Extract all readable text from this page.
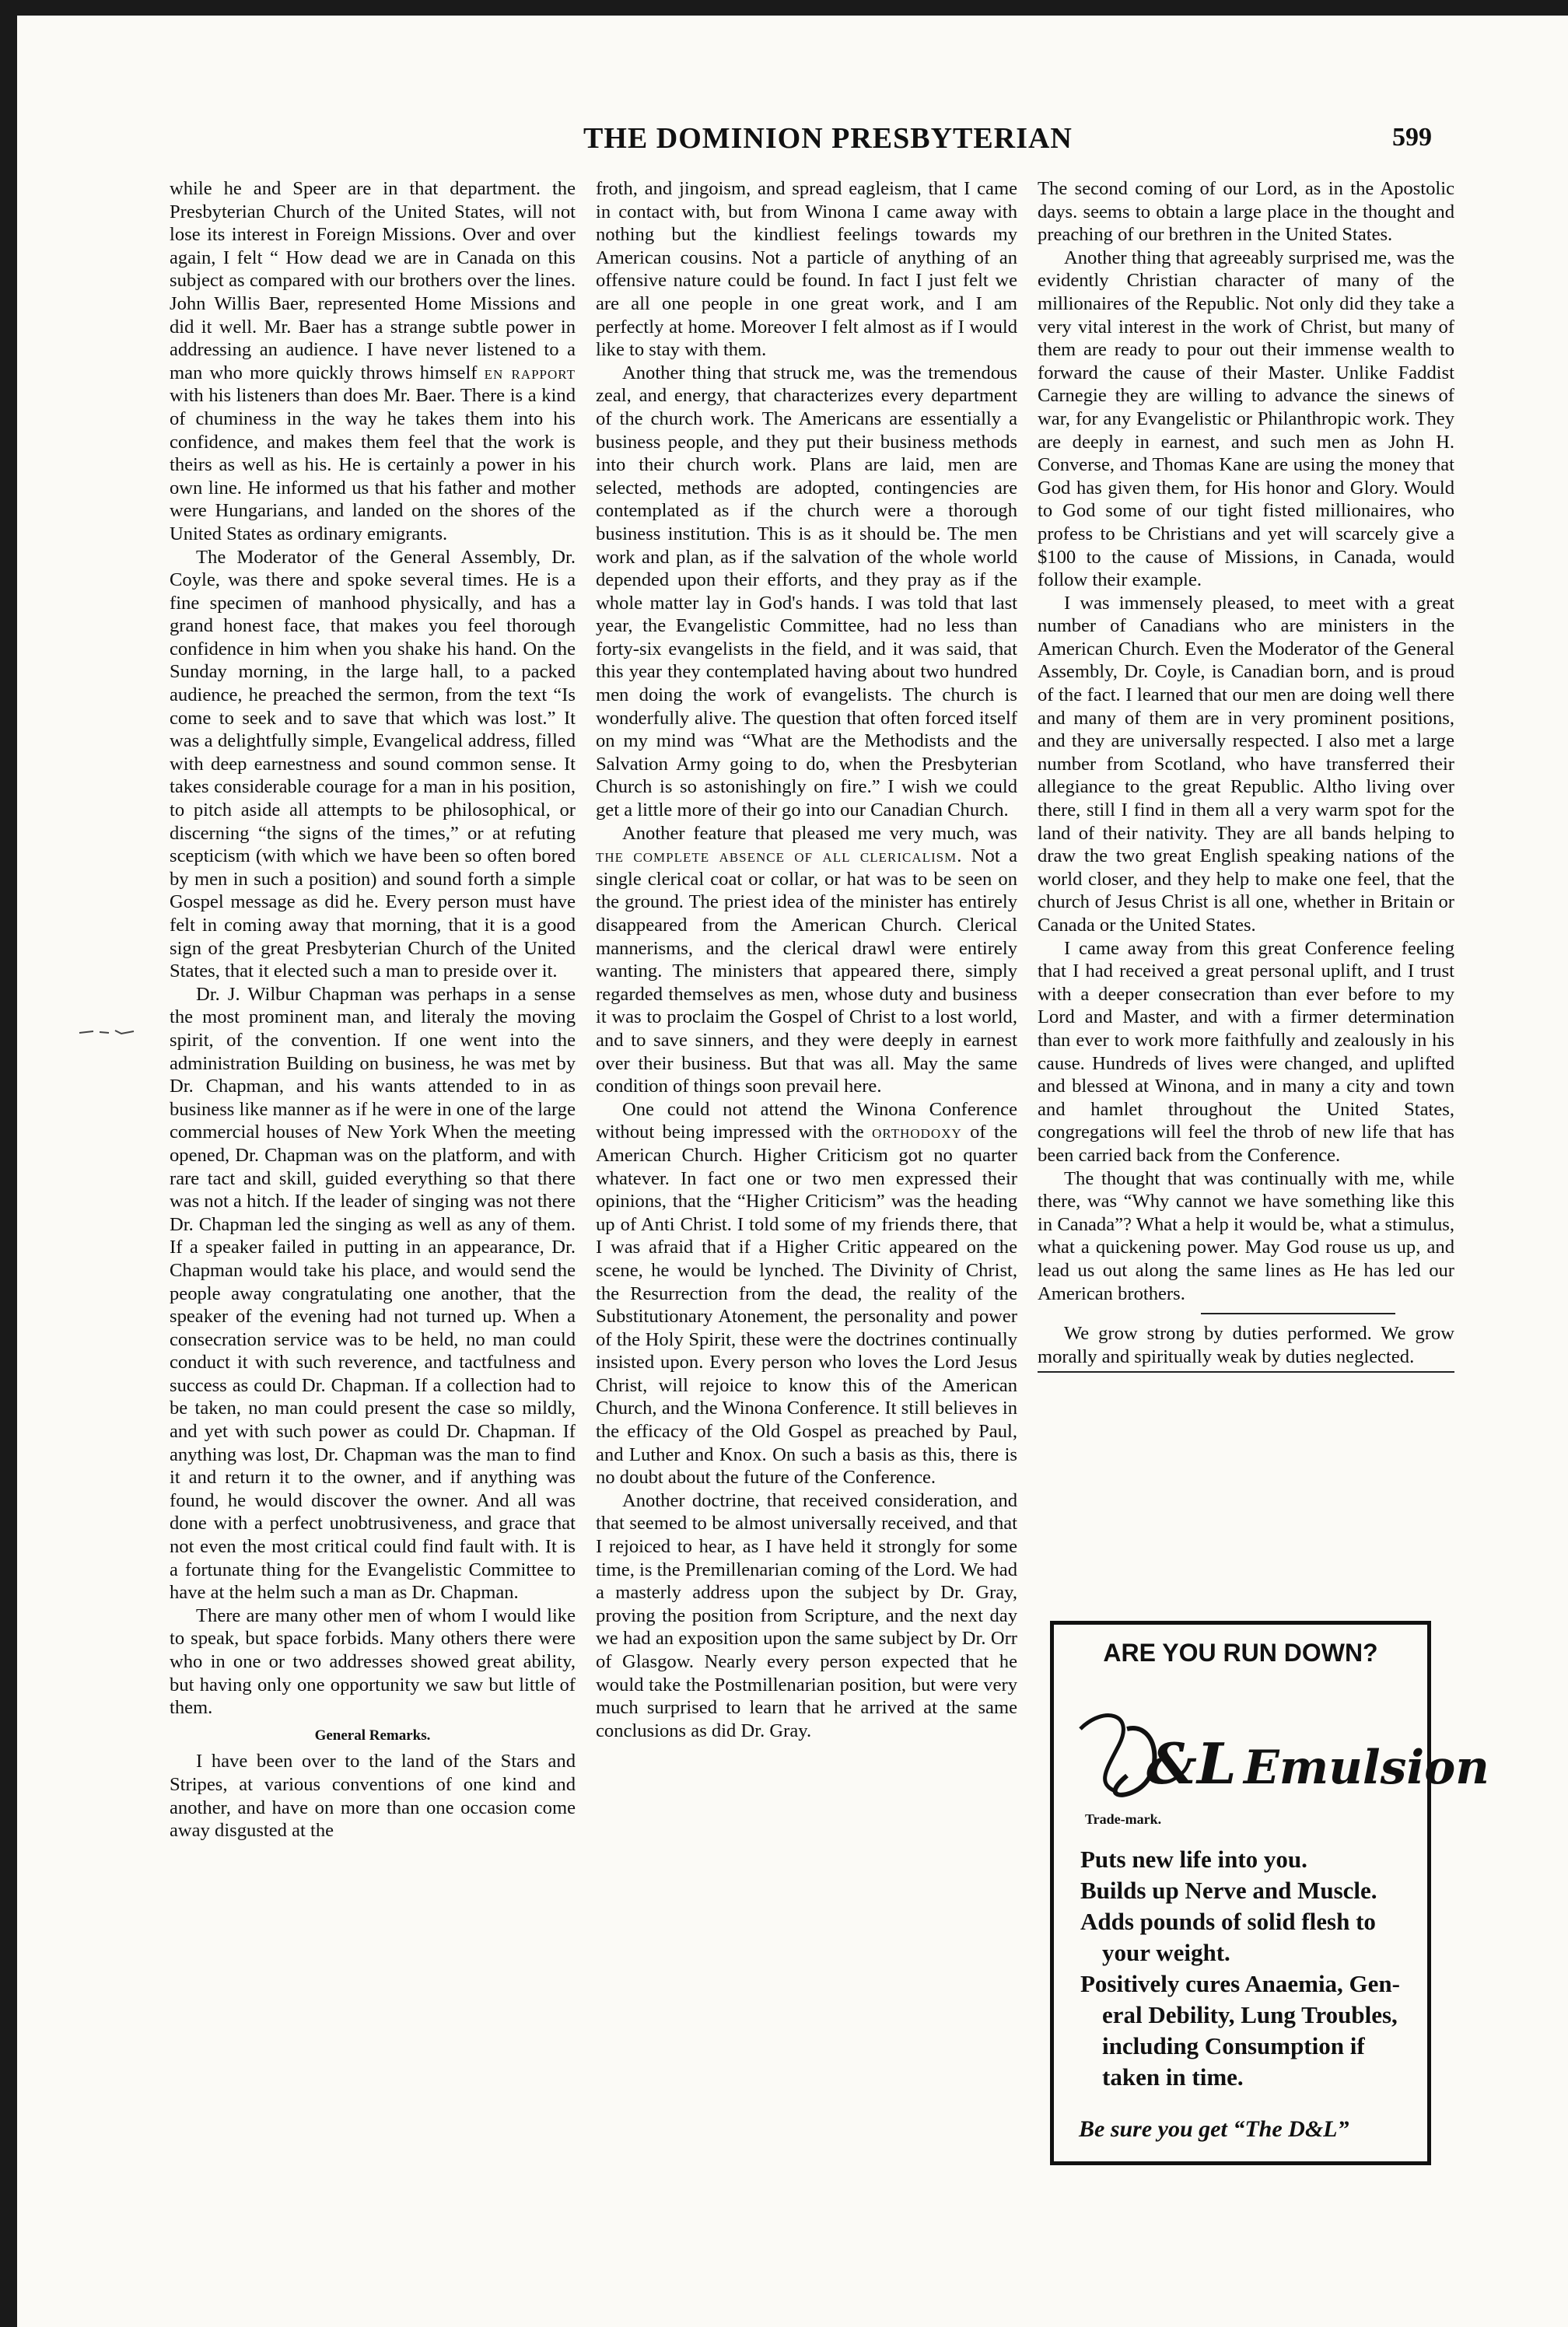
THE DOMINION PRESBYTERIAN	599

while he and Speer are in that department. the Presbyterian Church of the United States, will not lose its interest in Foreign Missions. Over and over again, I felt “ How dead we are in Canada on this subject as compared with our brothers over the lines. John Willis Baer, represented Home Missions and did it well. Mr. Baer has a strange subtle power in addressing an audience. I have never listened to a man who more quickly throws himself en rapport with his listeners than does Mr. Baer. There is a kind of chuminess in the way he takes them into his confidence, and makes them feel that the work is theirs as well as his. He is certainly a power in his own line. He informed us that his father and mother were Hungarians, and landed on the shores of the United States as ordinary emigrants.

The Moderator of the General Assembly, Dr. Coyle, was there and spoke several times. He is a fine specimen of manhood physically, and has a grand honest face, that makes you feel thorough confidence in him when you shake his hand. On the Sunday morning, in the large hall, to a packed audience, he preached the sermon, from the text “Is come to seek and to save that which was lost.” It was a delightfully simple, Evangelical address, filled with deep earnestness and sound common sense. It takes considerable courage for a man in his position, to pitch aside all attempts to be philosophical, or discerning “the signs of the times,” or at refuting scepticism (with which we have been so often bored by men in such a position) and sound forth a simple Gospel message as did he. Every person must have felt in coming away that morning, that it is a good sign of the great Presbyterian Church of the United States, that it elected such a man to preside over it.

Dr. J. Wilbur Chapman was perhaps in a sense the most prominent man, and literaly the moving spirit, of the convention. If one went into the administration Building on business, he was met by Dr. Chapman, and his wants attended to in as business like manner as if he were in one of the large commercial houses of New York When the meeting opened, Dr. Chapman was on the platform, and with rare tact and skill, guided everything so that there was not a hitch. If the leader of singing was not there Dr. Chapman led the singing as well as any of them. If a speaker failed in putting in an appearance, Dr. Chapman would take his place, and would send the people away congratulating one another, that the speaker of the evening had not turned up. When a consecration service was to be held, no man could conduct it with such reverence, and tactfulness and success as could Dr. Chapman. If a collection had to be taken, no man could present the case so mildly, and yet with such power as could Dr. Chapman. If anything was lost, Dr. Chapman was the man to find it and return it to the owner, and if anything was found, he would discover the owner. And all was done with a perfect unobtrusiveness, and grace that not even the most critical could find fault with. It is a fortunate thing for the Evangelistic Committee to have at the helm such a man as Dr. Chapman.

There are many other men of whom I would like to speak, but space forbids. Many others there were who in one or two addresses showed great ability, but having only one opportunity we saw but little of them.

General Remarks.

I have been over to the land of the Stars and Stripes, at various conventions of one kind and another, and have on more than one occasion come away disgusted at the

froth, and jingoism, and spread eagleism, that I came in contact with, but from Winona I came away with nothing but the kindliest feelings towards my American cousins. Not a particle of anything of an offensive nature could be found. In fact I just felt we are all one people in one great work, and I am perfectly at home. Moreover I felt almost as if I would like to stay with them.

Another thing that struck me, was the tremendous zeal, and energy, that characterizes every department of the church work. The Americans are essentially a business people, and they put their business methods into their church work. Plans are laid, men are selected, methods are adopted, contingencies are contemplated as if the church were a thorough business institution. This is as it should be. The men work and plan, as if the salvation of the whole world depended upon their efforts, and they pray as if the whole matter lay in God's hands. I was told that last year, the Evangelistic Committee, had no less than forty-six evangelists in the field, and it was said, that this year they contemplated having about two hundred men doing the work of evangelists. The church is wonderfully alive. The question that often forced itself on my mind was “What are the Methodists and the Salvation Army going to do, when the Presbyterian Church is so astonishingly on fire.” I wish we could get a little more of their go into our Canadian Church.

Another feature that pleased me very much, was the complete absence of all clericalism. Not a single clerical coat or collar, or hat was to be seen on the ground. The priest idea of the minister has entirely disappeared from the American Church. Clerical mannerisms, and the clerical drawl were entirely wanting. The ministers that appeared there, simply regarded themselves as men, whose duty and business it was to proclaim the Gospel of Christ to a lost world, and to save sinners, and they were deeply in earnest over their business. But that was all. May the same condition of things soon prevail here.

One could not attend the Winona Conference without being impressed with the orthodoxy of the American Church. Higher Criticism got no quarter whatever. In fact one or two men expressed their opinions, that the “Higher Criticism” was the heading up of Anti Christ. I told some of my friends there, that I was afraid that if a Higher Critic appeared on the scene, he would be lynched. The Divinity of Christ, the Resurrection from the dead, the reality of the Substitutionary Atonement, the personality and power of the Holy Spirit, these were the doctrines continually insisted upon. Every person who loves the Lord Jesus Christ, will rejoice to know this of the American Church, and the Winona Conference. It still believes in the efficacy of the Old Gospel as preached by Paul, and Luther and Knox. On such a basis as this, there is no doubt about the future of the Conference.

Another doctrine, that received consideration, and that seemed to be almost universally received, and that I rejoiced to hear, as I have held it strongly for some time, is the Premillenarian coming of the Lord. We had a masterly address upon the subject by Dr. Gray, proving the position from Scripture, and the next day we had an exposition upon the same subject by Dr. Orr of Glasgow. Nearly every person expected that he would take the Postmillenarian position, but were very much surprised to learn that he arrived at the same conclusions as did Dr. Gray.

The second coming of our Lord, as in the Apostolic days. seems to obtain a large place in the thought and preaching of our brethren in the United States.

Another thing that agreeably surprised me, was the evidently Christian character of many of the millionaires of the Republic. Not only did they take a very vital interest in the work of Christ, but many of them are ready to pour out their immense wealth to forward the cause of their Master. Unlike Faddist Carnegie they are willing to advance the sinews of war, for any Evangelistic or Philanthropic work. They are deeply in earnest, and such men as John H. Converse, and Thomas Kane are using the money that God has given them, for His honor and Glory. Would to God some of our tight fisted millionaires, who profess to be Christians and yet will scarcely give a $100 to the cause of Missions, in Canada, would follow their example.

I was immensely pleased, to meet with a great number of Canadians who are ministers in the American Church. Even the Moderator of the General Assembly, Dr. Coyle, is Canadian born, and is proud of the fact. I learned that our men are doing well there and many of them are in very prominent positions, and they are universally respected. I also met a large number from Scotland, who have transferred their allegiance to the great Republic. Altho living over there, still I find in them all a very warm spot for the land of their nativity. They are all bands helping to draw the two great English speaking nations of the world closer, and they help to make one feel, that the church of Jesus Christ is all one, whether in Britain or Canada or the United States.

I came away from this great Conference feeling that I had received a great personal uplift, and I trust with a deeper consecration than ever before to my Lord and Master, and with a firmer determination than ever to work more faithfully and zealously in his cause. Hundreds of lives were changed, and uplifted and blessed at Winona, and in many a city and town and hamlet throughout the United States, congregations will feel the throb of new life that has been carried back from the Conference.

The thought that was continually with me, while there, was “Why cannot we have something like this in Canada”? What a help it would be, what a stimulus, what a quickening power. May God rouse us up, and lead us out along the same lines as He has led our American brothers.

We grow strong by duties performed. We grow morally and spiritually weak by duties neglected.

ARE YOU RUN DOWN?
&L Emulsion
Trade-mark.
Puts new life into you.
Builds up Nerve and Muscle.
Adds pounds of solid flesh to
your weight.
Positively cures Anaemia, Gen-
eral Debility, Lung Troubles,
including Consumption if
taken in time.
Be sure you get “The D&L”
